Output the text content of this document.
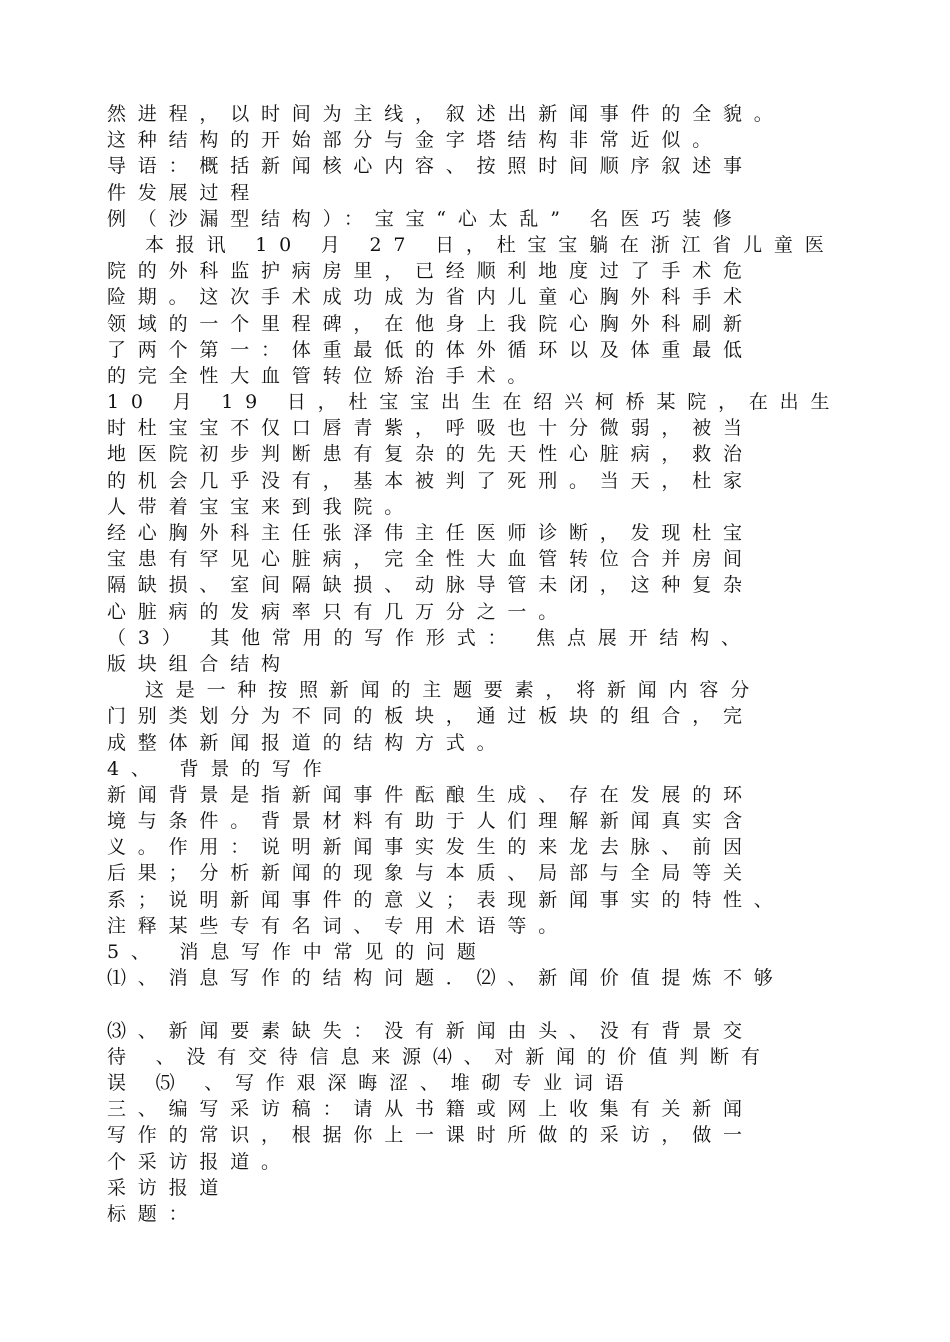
然进程，以时间为主线，叙述出新闻事件的全貌。
这种结构的开始部分与金字塔结构非常近似。
导语：概括新闻核心内容、按照时间顺序叙述事
件发展过程
例（沙漏型结构）：宝宝“心太乱” 名医巧装修
本报讯 10 月 27 日，杜宝宝躺在浙江省儿童医
院的外科监护病房里，已经顺利地度过了手术危
险期。这次手术成功成为省内儿童心胸外科手术
领域的一个里程碑，在他身上我院心胸外科刷新
了两个第一：体重最低的体外循环以及体重最低
的完全性大血管转位矫治手术。
10 月 19 日，杜宝宝出生在绍兴柯桥某院，在出生
时杜宝宝不仅口唇青紫，呼吸也十分微弱，被当
地医院初步判断患有复杂的先天性心脏病，救治
的机会几乎没有，基本被判了死刑。当天，杜家
人带着宝宝来到我院。
经心胸外科主任张泽伟主任医师诊断，发现杜宝
宝患有罕见心脏病，完全性大血管转位合并房间
隔缺损、室间隔缺损、动脉导管未闭，这种复杂
心脏病的发病率只有几万分之一。
（3） 其他常用的写作形式： 焦点展开结构、
版块组合结构
这是一种按照新闻的主题要素，将新闻内容分
门别类划分为不同的板块，通过板块的组合，完
成整体新闻报道的结构方式。
4、 背景的写作
新闻背景是指新闻事件酝酿生成、存在发展的环
境与条件。背景材料有助于人们理解新闻真实含
义。作用：说明新闻事实发生的来龙去脉、前因
后果；分析新闻的现象与本质、局部与全局等关
系；说明新闻事件的意义；表现新闻事实的特性、
注释某些专有名词、专用术语等。
5、 消息写作中常见的问题
⑴、消息写作的结构问题．⑵、新闻价值提炼不够
⑶、新闻要素缺失：没有新闻由头、没有背景交
待 、没有交待信息来源⑷、对新闻的价值判断有
误 ⑸ 、写作艰深晦涩、堆砌专业词语
三、编写采访稿：请从书籍或网上收集有关新闻
写作的常识，根据你上一课时所做的采访，做一
个采访报道。
采访报道
标题：
